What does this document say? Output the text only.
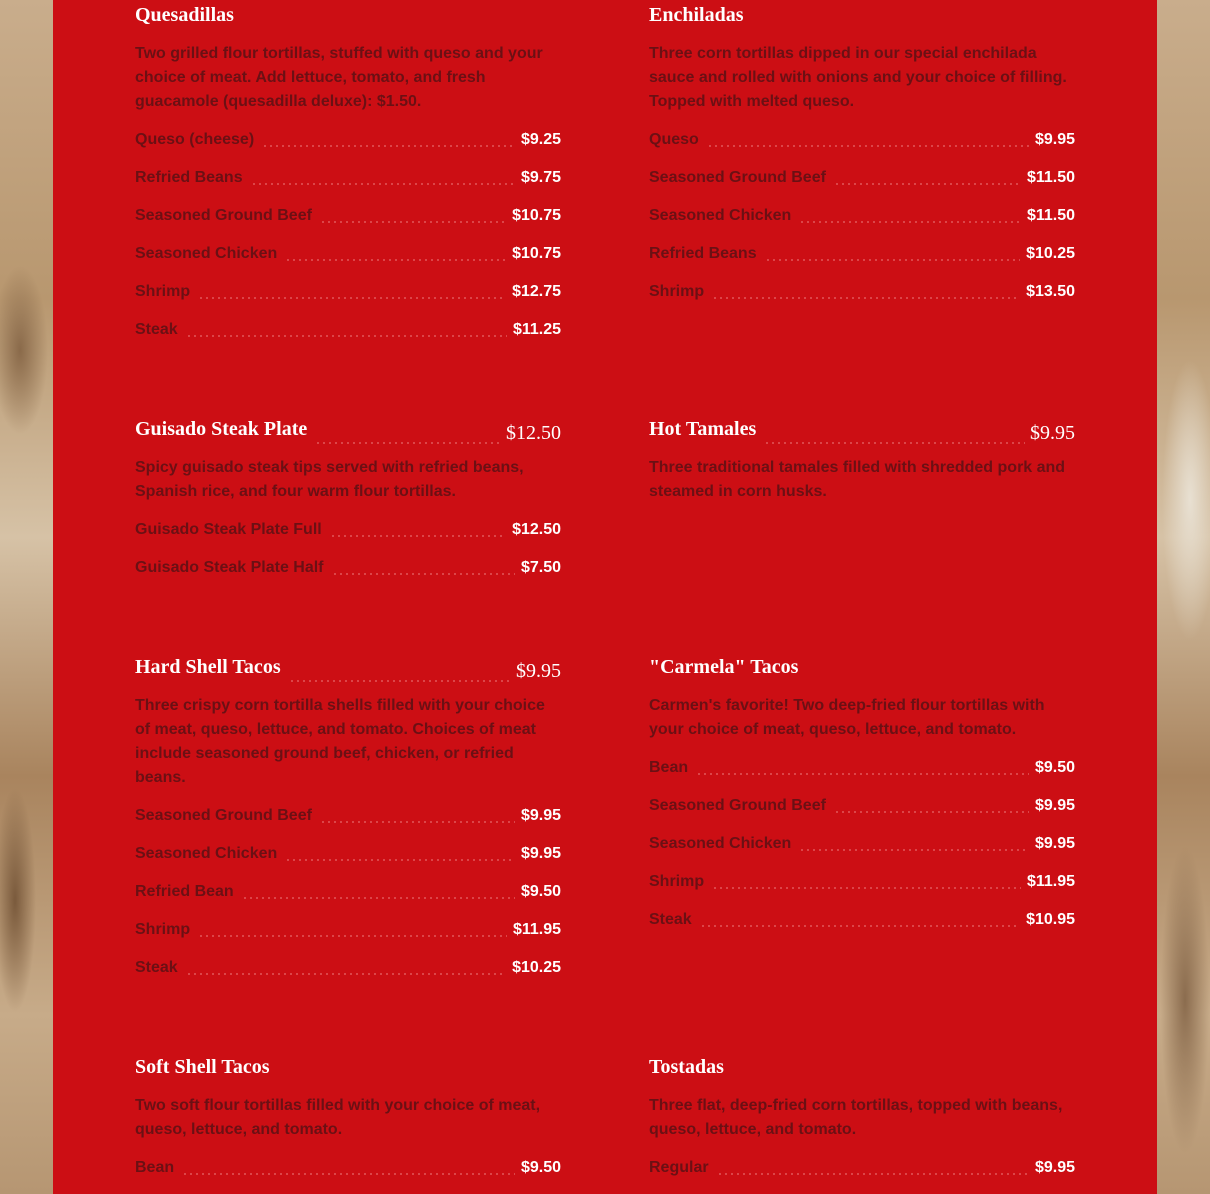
Quesadillas
Two grilled flour tortillas, stuffed with queso and your choice of meat. Add lettuce, tomato, and fresh guacamole (quesadilla deluxe): $1.50.
Queso (cheese)	$9.25
Refried Beans	$9.75
Seasoned Ground Beef	$10.75
Seasoned Chicken	$10.75
Shrimp	$12.75
Steak	$11.25
Enchiladas
Three corn tortillas dipped in our special enchilada sauce and rolled with onions and your choice of filling. Topped with melted queso.
Queso	$9.95
Seasoned Ground Beef	$11.50
Seasoned Chicken	$11.50
Refried Beans	$10.25
Shrimp	$13.50
Guisado Steak Plate	$12.50
Spicy guisado steak tips served with refried beans, Spanish rice, and four warm flour tortillas.
Guisado Steak Plate Full	$12.50
Guisado Steak Plate Half	$7.50
Hot Tamales	$9.95
Three traditional tamales filled with shredded pork and steamed in corn husks.
Hard Shell Tacos	$9.95
Three crispy corn tortilla shells filled with your choice of meat, queso, lettuce, and tomato. Choices of meat include seasoned ground beef, chicken, or refried beans.
Seasoned Ground Beef	$9.95
Seasoned Chicken	$9.95
Refried Bean	$9.50
Shrimp	$11.95
Steak	$10.25
"Carmela" Tacos
Carmen's favorite! Two deep-fried flour tortillas with your choice of meat, queso, lettuce, and tomato.
Bean	$9.50
Seasoned Ground Beef	$9.95
Seasoned Chicken	$9.95
Shrimp	$11.95
Steak	$10.95
Soft Shell Tacos
Two soft flour tortillas filled with your choice of meat, queso, lettuce, and tomato.
Bean	$9.50
Tostadas
Three flat, deep-fried corn tortillas, topped with beans, queso, lettuce, and tomato.
Regular	$9.95
